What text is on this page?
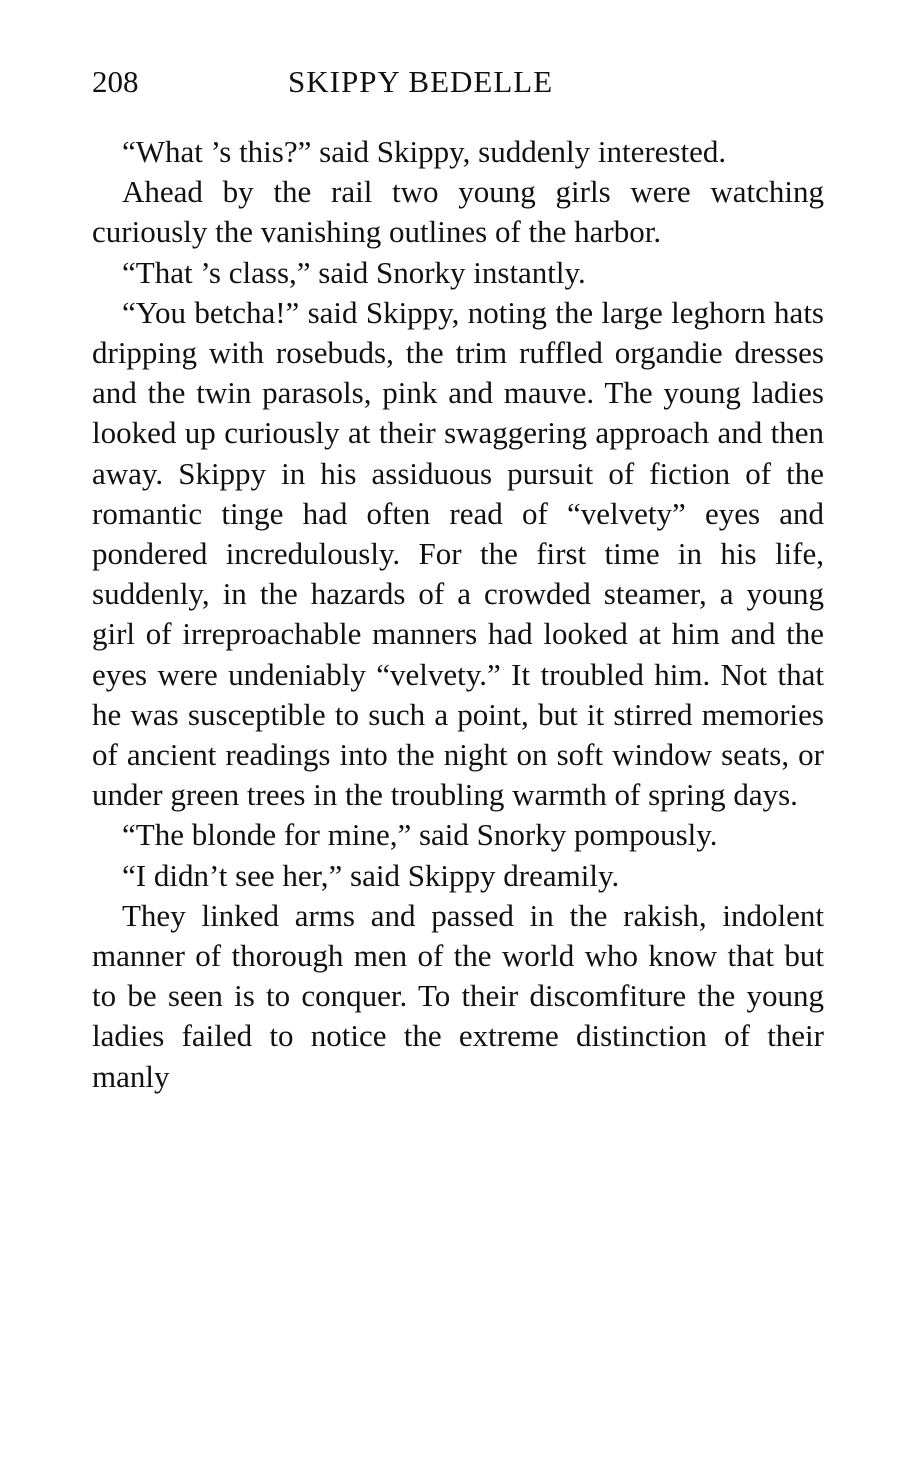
208	SKIPPY BEDELLE

“What ’s this?” said Skippy, suddenly interested.

Ahead by the rail two young girls were watching curiously the vanishing outlines of the harbor.

“That ’s class,” said Snorky instantly.

“You betcha!” said Skippy, noting the large leghorn hats dripping with rosebuds, the trim ruffled organdie dresses and the twin parasols, pink and mauve. The young ladies looked up curiously at their swaggering approach and then away. Skippy in his assiduous pursuit of fiction of the romantic tinge had often read of “velvety” eyes and pondered incredulously. For the first time in his life, suddenly, in the hazards of a crowded steamer, a young girl of irreproachable manners had looked at him and the eyes were undeniably “velvety.” It troubled him. Not that he was susceptible to such a point, but it stirred memories of ancient readings into the night on soft window seats, or under green trees in the troubling warmth of spring days.

“The blonde for mine,” said Snorky pompously.

“I didn’t see her,” said Skippy dreamily.

They linked arms and passed in the rakish, indolent manner of thorough men of the world who know that but to be seen is to conquer. To their discomfiture the young ladies failed to notice the extreme distinction of their manly
